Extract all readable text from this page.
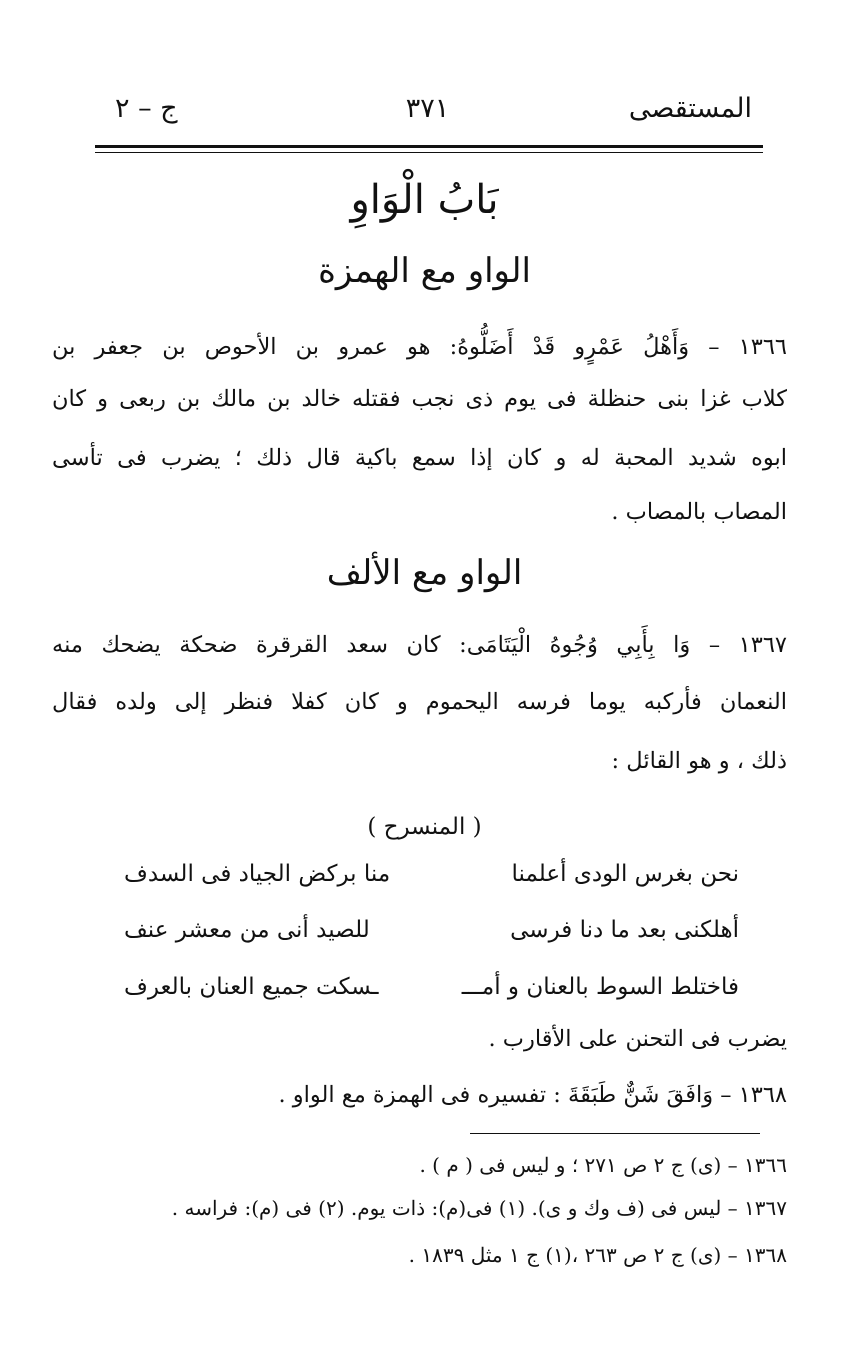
المستقصى
٣٧١
ج – ٢
بَابُ الْوَاوِ
الواو مع الهمزة
١٣٦٦ – وَأَهْلُ عَمْرٍو قَدْ أَضَلُّوهُ: هو عمرو بن الأحوص بن جعفر بن
كلاب غزا بنى حنظلة فى يوم ذى نجب فقتله خالد بن مالك بن ربعى و كان
ابوه شديد المحبة له و كان إذا سمع باكية قال ذلك ؛ يضرب فى تأسى
المصاب بالمصاب .
الواو مع الألف
١٣٦٧ – وَا بِأَبِي وُجُوهُ الْيَتَامَى: كان سعد القرقرة ضحكة يضحك منه
النعمان فأركبه يوما فرسه اليحموم و كان كفلا فنظر إلى ولده فقال
ذلك ، و هو القائل :
( المنسرح )
نحن بغرس الودى أعلمنا
منا بركض الجياد فى السدف
أهلكنى بعد ما دنا فرسى
للصيد أنى من معشر عنف
فاختلط السوط بالعنان و أمـــ
ـسكت جميع العنان بالعرف
يضرب فى التحنن على الأقارب .
١٣٦٨ – وَافَقَ شَنٌّ طَبَقَةَ : تفسيره فى الهمزة مع الواو .
١٣٦٦ – (ى) ج ٢ ص ٢٧١ ؛ و ليس فى ( م ) .
١٣٦٧ – ليس فى (ف وك و ى). (١) فى(م): ذات يوم. (٢) فى (م): فراسه .
١٣٦٨ – (ى) ج ٢ ص ٢٦٣ ،(١) ج ١ مثل ١٨٣٩ .
